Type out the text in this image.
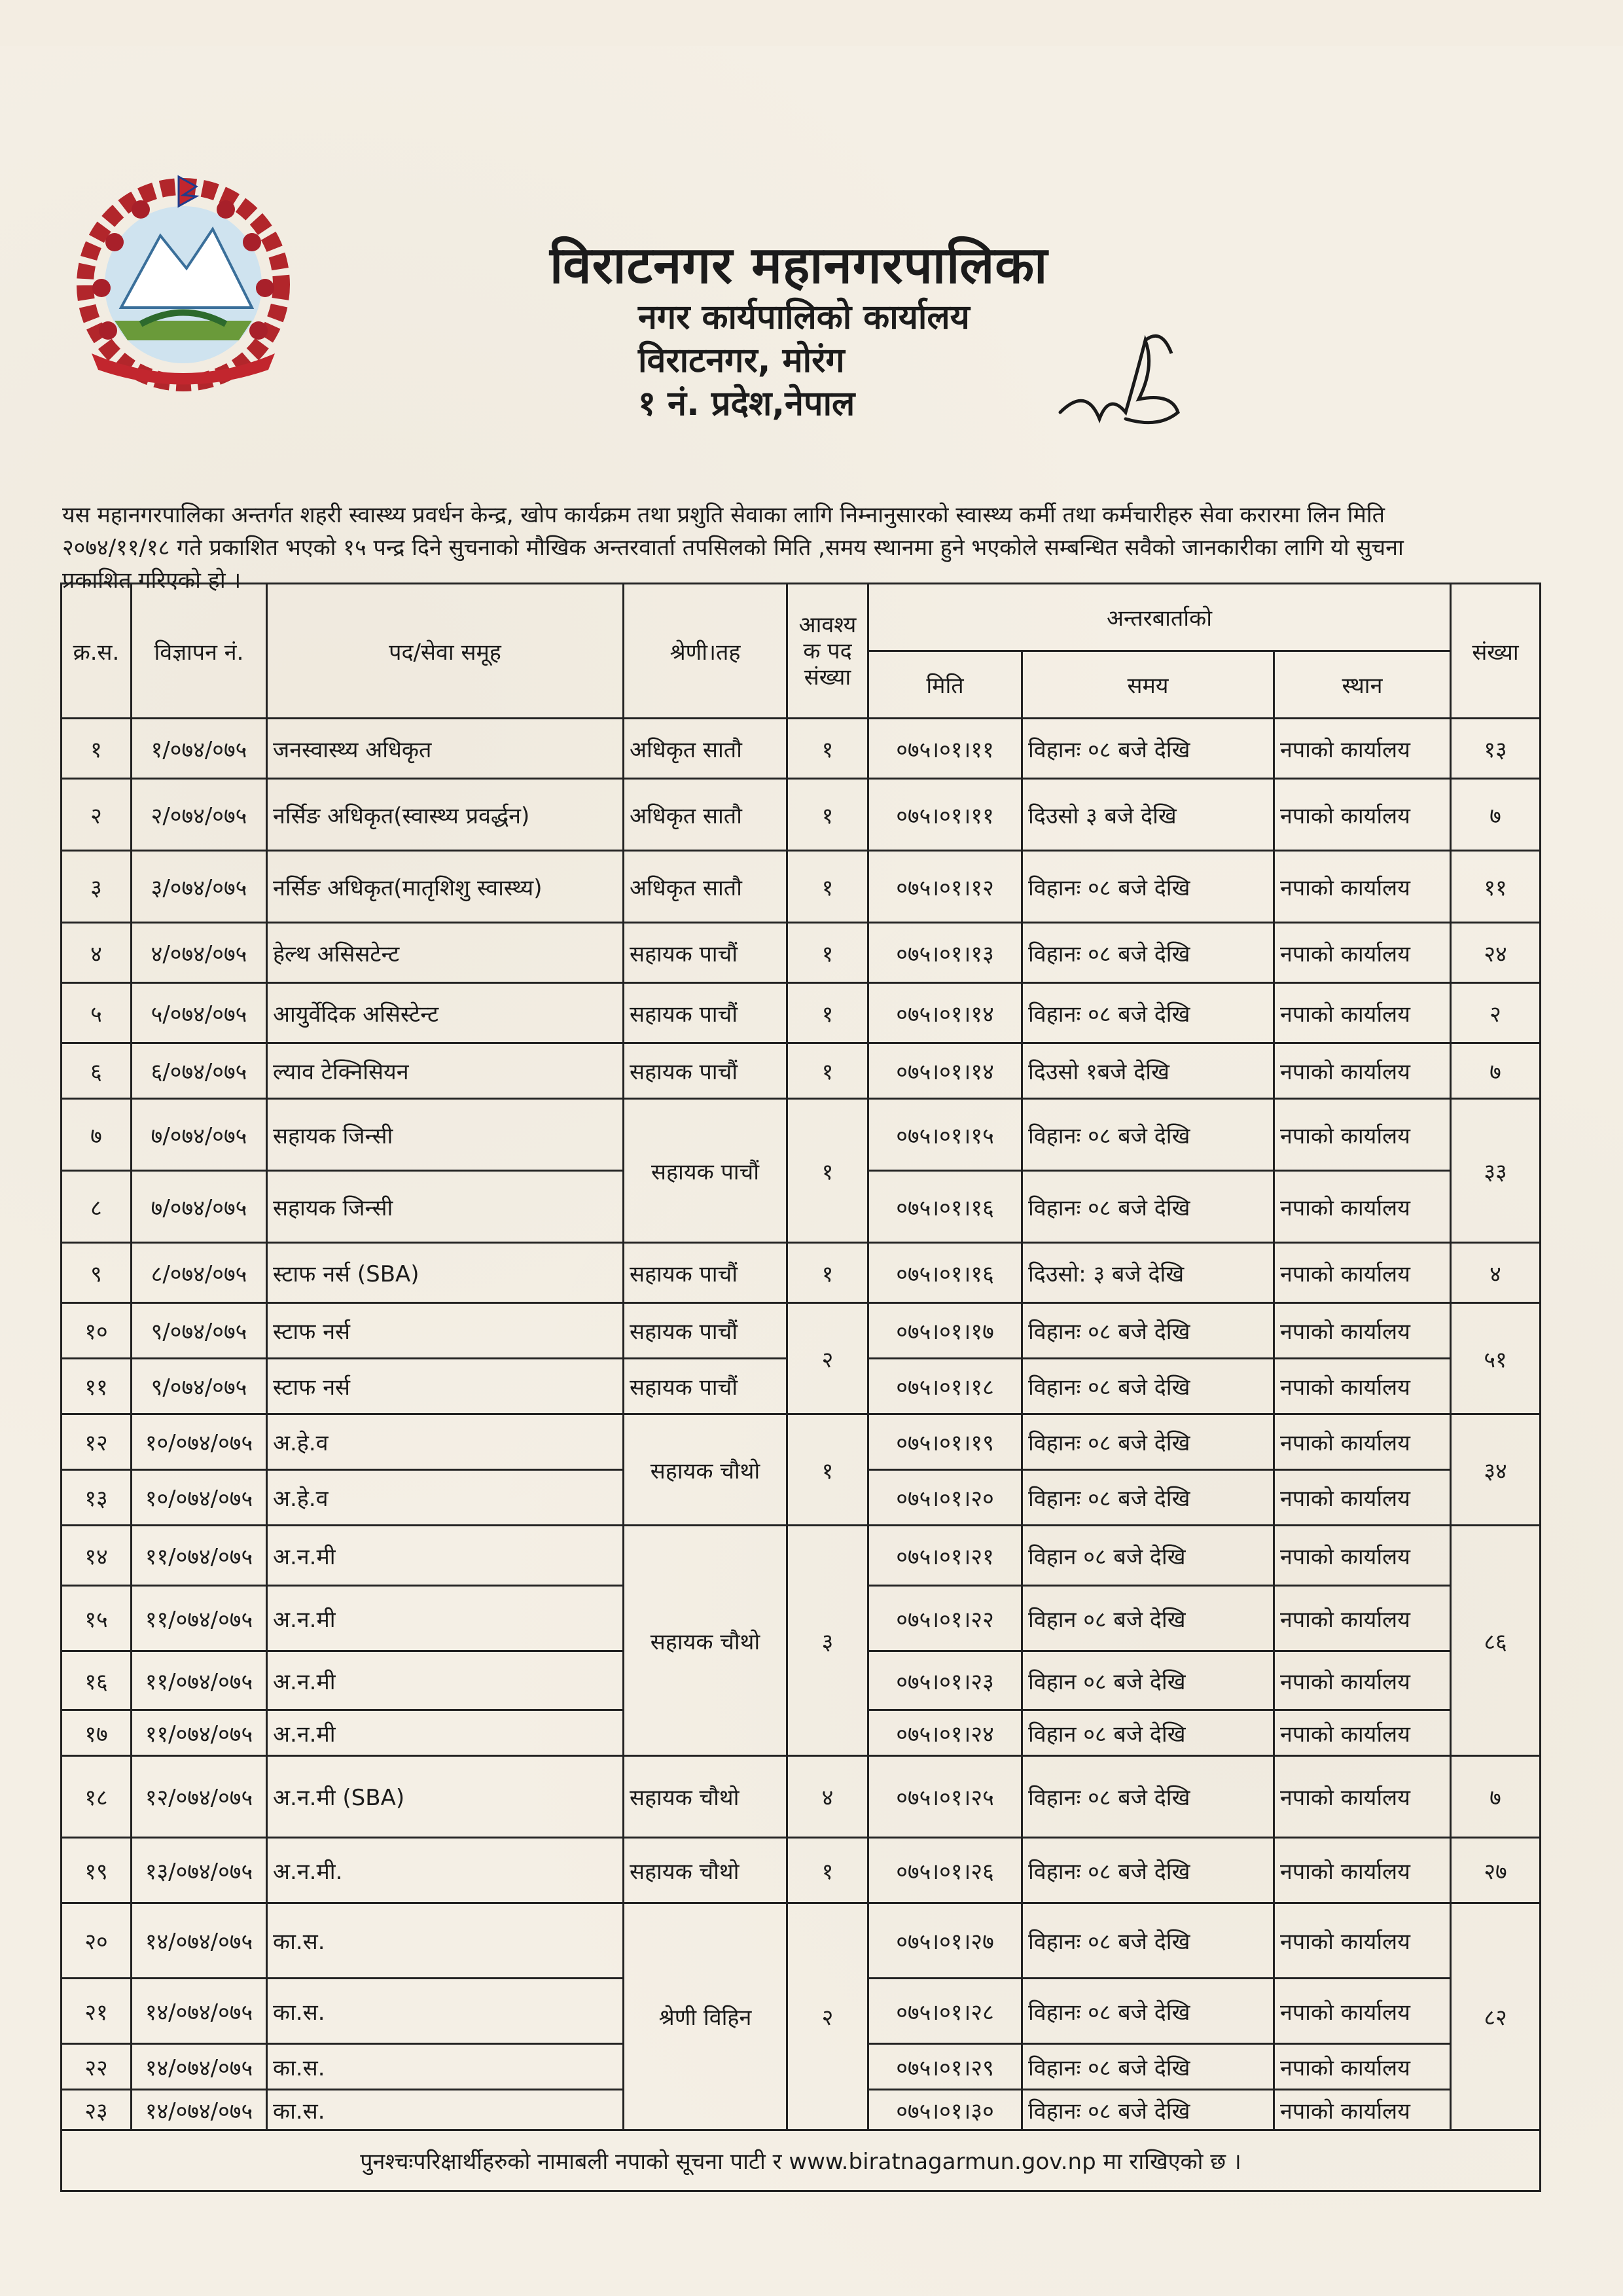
विराटनगर महानगरपालिका

नगर कार्यपालिको कार्यालय

विराटनगर, मोरंग

१ नं. प्रदेश,नेपाल

यस महानगरपालिका अन्तर्गत शहरी स्वास्थ्य प्रवर्धन केन्द्र, खोप कार्यक्रम तथा प्रशुति सेवाका लागि निम्नानुसारको स्वास्थ्य कर्मी तथा कर्मचारीहरु सेवा करारमा लिन मिति २०७४/११/१८ गते प्रकाशित भएको १५ पन्द्र दिने सुचनाको मौखिक अन्तरवार्ता तपसिलको मिति ,समय स्थानमा हुने भएकोले सम्बन्धित सवैको जानकारीका लागि यो सुचना प्रकाशित गरिएको हो ।

क्र.स.	विज्ञापन नं.	पद/सेवा समूह	श्रेणी।तह	आवश्य क पद संख्या	अन्तरबार्ताको			संख्या
					मिति	समय	स्थान	
१	१/०७४/०७५	जनस्वास्थ्य अधिकृत	अधिकृत सातौ	१	०७५।०१।११	विहानः ०८ बजे देखि	नपाको कार्यालय	१३
२	२/०७४/०७५	नर्सिङ अधिकृत(स्वास्थ्य प्रवर्द्धन)	अधिकृत सातौ	१	०७५।०१।११	दिउसो ३ बजे देखि	नपाको कार्यालय	७
३	३/०७४/०७५	नर्सिङ अधिकृत(मातृशिशु स्वास्थ्य)	अधिकृत सातौ	१	०७५।०१।१२	विहानः ०८ बजे देखि	नपाको कार्यालय	११
४	४/०७४/०७५	हेल्थ असिसटेन्ट	सहायक पाचौं	१	०७५।०१।१३	विहानः ०८ बजे देखि	नपाको कार्यालय	२४
५	५/०७४/०७५	आयुर्वेदिक असिस्टेन्ट	सहायक पाचौं	१	०७५।०१।१४	विहानः ०८ बजे देखि	नपाको कार्यालय	२
६	६/०७४/०७५	ल्याव टेक्निसियन	सहायक पाचौं	१	०७५।०१।१४	दिउसो १बजे देखि	नपाको कार्यालय	७
७	७/०७४/०७५	सहायक जिन्सी	सहायक पाचौं	१	०७५।०१।१५	विहानः ०८ बजे देखि	नपाको कार्यालय	३३
८	७/०७४/०७५	सहायक जिन्सी			०७५।०१।१६	विहानः ०८ बजे देखि	नपाको कार्यालय	
९	८/०७४/०७५	स्टाफ नर्स (SBA)	सहायक पाचौं	१	०७५।०१।१६	दिउसो: ३ बजे देखि	नपाको कार्यालय	४
१०	९/०७४/०७५	स्टाफ नर्स	सहायक पाचौं	२	०७५।०१।१७	विहानः ०८ बजे देखि	नपाको कार्यालय	५१
११	९/०७४/०७५	स्टाफ नर्स	सहायक पाचौं		०७५।०१।१८	विहानः ०८ बजे देखि	नपाको कार्यालय	
१२	१०/०७४/०७५	अ.हे.व	सहायक चौथो	१	०७५।०१।१९	विहानः ०८ बजे देखि	नपाको कार्यालय	३४
१३	१०/०७४/०७५	अ.हे.व			०७५।०१।२०	विहानः ०८ बजे देखि	नपाको कार्यालय	
१४	११/०७४/०७५	अ.न.मी	सहायक चौथो	३	०७५।०१।२१	विहान ०८ बजे देखि	नपाको कार्यालय	८६
१५	११/०७४/०७५	अ.न.मी			०७५।०१।२२	विहान ०८ बजे देखि	नपाको कार्यालय	
१६	११/०७४/०७५	अ.न.मी			०७५।०१।२३	विहान ०८ बजे देखि	नपाको कार्यालय	
१७	११/०७४/०७५	अ.न.मी			०७५।०१।२४	विहान ०८ बजे देखि	नपाको कार्यालय	
१८	१२/०७४/०७५	अ.न.मी (SBA)	सहायक चौथो	४	०७५।०१।२५	विहानः ०८ बजे देखि	नपाको कार्यालय	७
१९	१३/०७४/०७५	अ.न.मी.	सहायक चौथो	१	०७५।०१।२६	विहानः ०८ बजे देखि	नपाको कार्यालय	२७
२०	१४/०७४/०७५	का.स.	श्रेणी विहिन	२	०७५।०१।२७	विहानः ०८ बजे देखि	नपाको कार्यालय	८२
२१	१४/०७४/०७५	का.स.			०७५।०१।२८	विहानः ०८ बजे देखि	नपाको कार्यालय	
२२	१४/०७४/०७५	का.स.			०७५।०१।२९	विहानः ०८ बजे देखि	नपाको कार्यालय	
२३	१४/०७४/०७५	का.स.			०७५।०१।३०	विहानः ०८ बजे देखि	नपाको कार्यालय	
पुनश्चःपरिक्षार्थीहरुको नामाबली नपाको सूचना पाटी र www.biratnagarmun.gov.np मा राखिएको छ ।								
